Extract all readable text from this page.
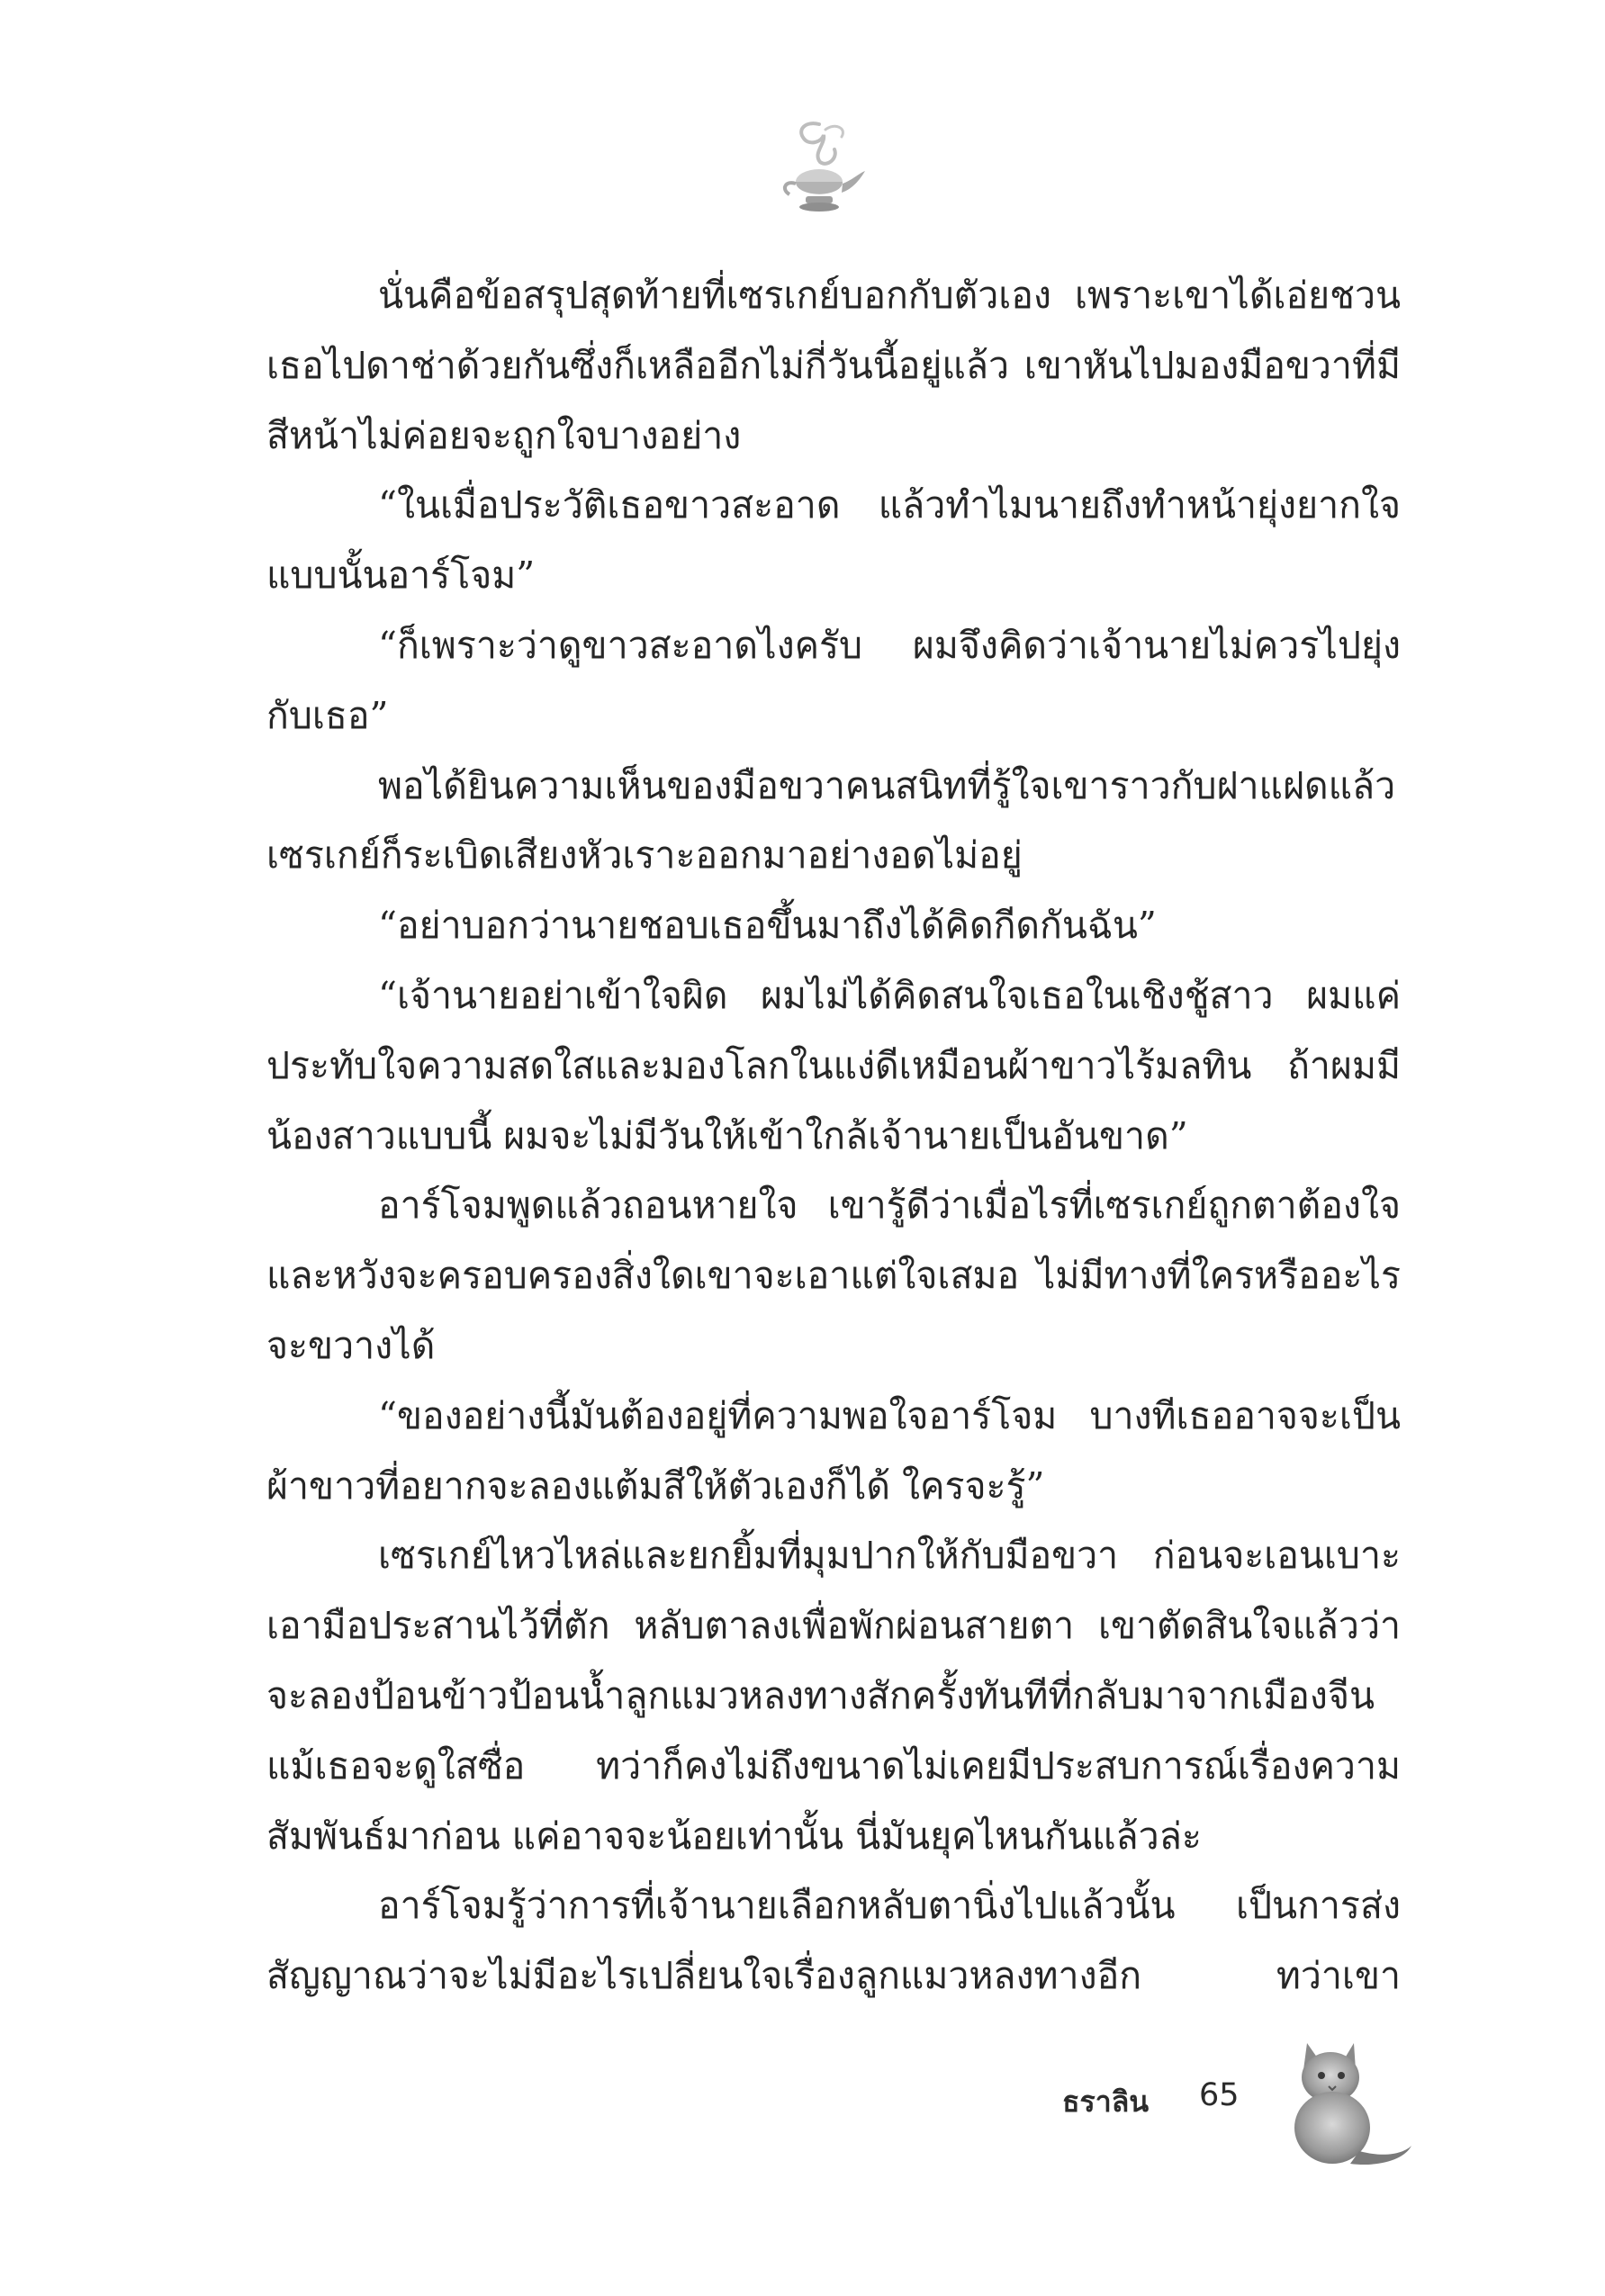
นั่นคือข้อสรุปสุดท้ายที่เซรเกย์บอกกับตัวเอง เพราะเขาได้เอ่ยชวนเธอไปดาช่าด้วยกันซึ่งก็เหลืออีกไม่กี่วันนี้อยู่แล้ว เขาหันไปมองมือขวาที่มีสีหน้าไม่ค่อยจะถูกใจบางอย่าง

“ในเมื่อประวัติเธอขาวสะอาด แล้วทำไมนายถึงทำหน้ายุ่งยากใจแบบนั้นอาร์โจม”

“ก็เพราะว่าดูขาวสะอาดไงครับ ผมจึงคิดว่าเจ้านายไม่ควรไปยุ่งกับเธอ”

พอได้ยินความเห็นของมือขวาคนสนิทที่รู้ใจเขาราวกับฝาแฝดแล้ว เซรเกย์ก็ระเบิดเสียงหัวเราะออกมาอย่างอดไม่อยู่

“อย่าบอกว่านายชอบเธอขึ้นมาถึงได้คิดกีดกันฉัน”

“เจ้านายอย่าเข้าใจผิด ผมไม่ได้คิดสนใจเธอในเชิงชู้สาว ผมแค่ประทับใจความสดใสและมองโลกในแง่ดีเหมือนผ้าขาวไร้มลทิน ถ้าผมมีน้องสาวแบบนี้ ผมจะไม่มีวันให้เข้าใกล้เจ้านายเป็นอันขาด”

อาร์โจมพูดแล้วถอนหายใจ เขารู้ดีว่าเมื่อไรที่เซรเกย์ถูกตาต้องใจและหวังจะครอบครองสิ่งใดเขาจะเอาแต่ใจเสมอ ไม่มีทางที่ใครหรืออะไรจะขวางได้

“ของอย่างนี้มันต้องอยู่ที่ความพอใจอาร์โจม บางทีเธออาจจะเป็นผ้าขาวที่อยากจะลองแต้มสีให้ตัวเองก็ได้ ใครจะรู้”

เซรเกย์ไหวไหล่และยกยิ้มที่มุมปากให้กับมือขวา ก่อนจะเอนเบาะเอามือประสานไว้ที่ตัก หลับตาลงเพื่อพักผ่อนสายตา เขาตัดสินใจแล้วว่าจะลองป้อนข้าวป้อนน้ำลูกแมวหลงทางสักครั้งทันทีที่กลับมาจากเมืองจีน แม้เธอจะดูใสซื่อ ทว่าก็คงไม่ถึงขนาดไม่เคยมีประสบการณ์เรื่องความสัมพันธ์มาก่อน แค่อาจจะน้อยเท่านั้น นี่มันยุคไหนกันแล้วล่ะ

อาร์โจมรู้ว่าการที่เจ้านายเลือกหลับตานิ่งไปแล้วนั้น เป็นการส่งสัญญาณว่าจะไม่มีอะไรเปลี่ยนใจเรื่องลูกแมวหลงทางอีก ทว่าเขา

ธราลิน 65
